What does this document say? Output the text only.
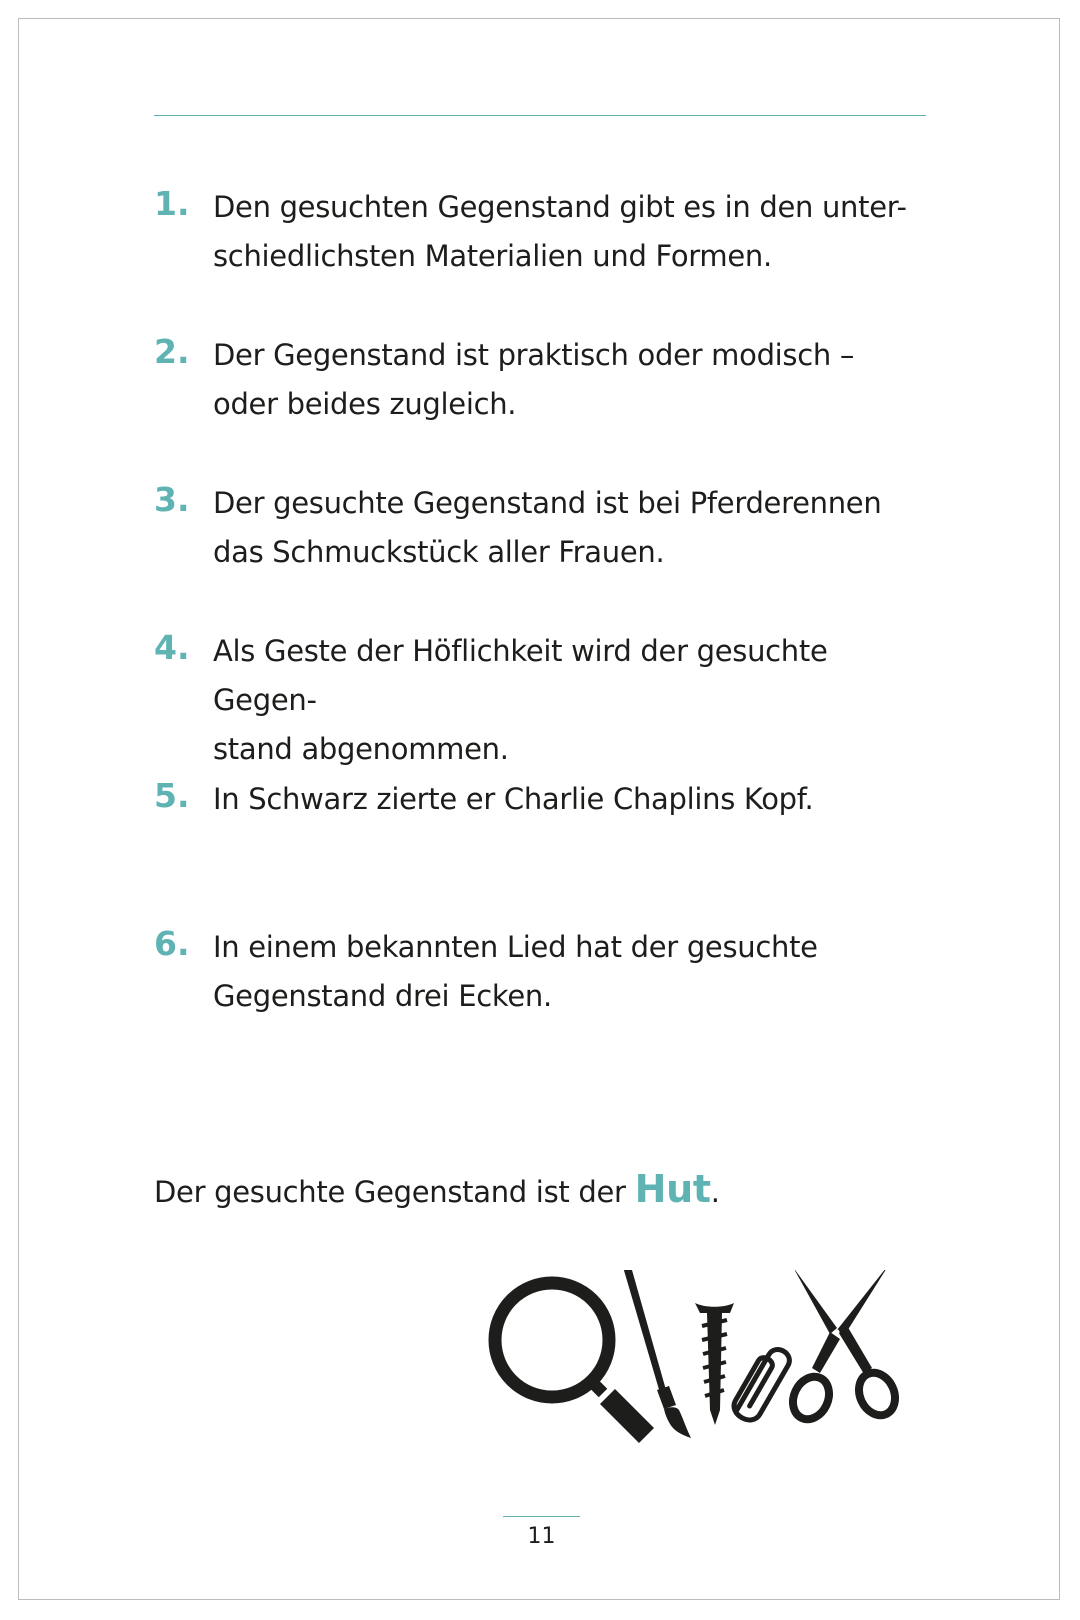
1. Den gesuchten Gegenstand gibt es in den unter-
schiedlichsten Materialien und Formen.
2. Der Gegenstand ist praktisch oder modisch –
oder beides zugleich.
3. Der gesuchte Gegenstand ist bei Pferderennen
das Schmuckstück aller Frauen.
4. Als Geste der Höflichkeit wird der gesuchte Gegen-
stand abgenommen.
5. In Schwarz zierte er Charlie Chaplins Kopf.
6. In einem bekannten Lied hat der gesuchte
Gegenstand drei Ecken.
Der gesuchte Gegenstand ist der Hut.
11
